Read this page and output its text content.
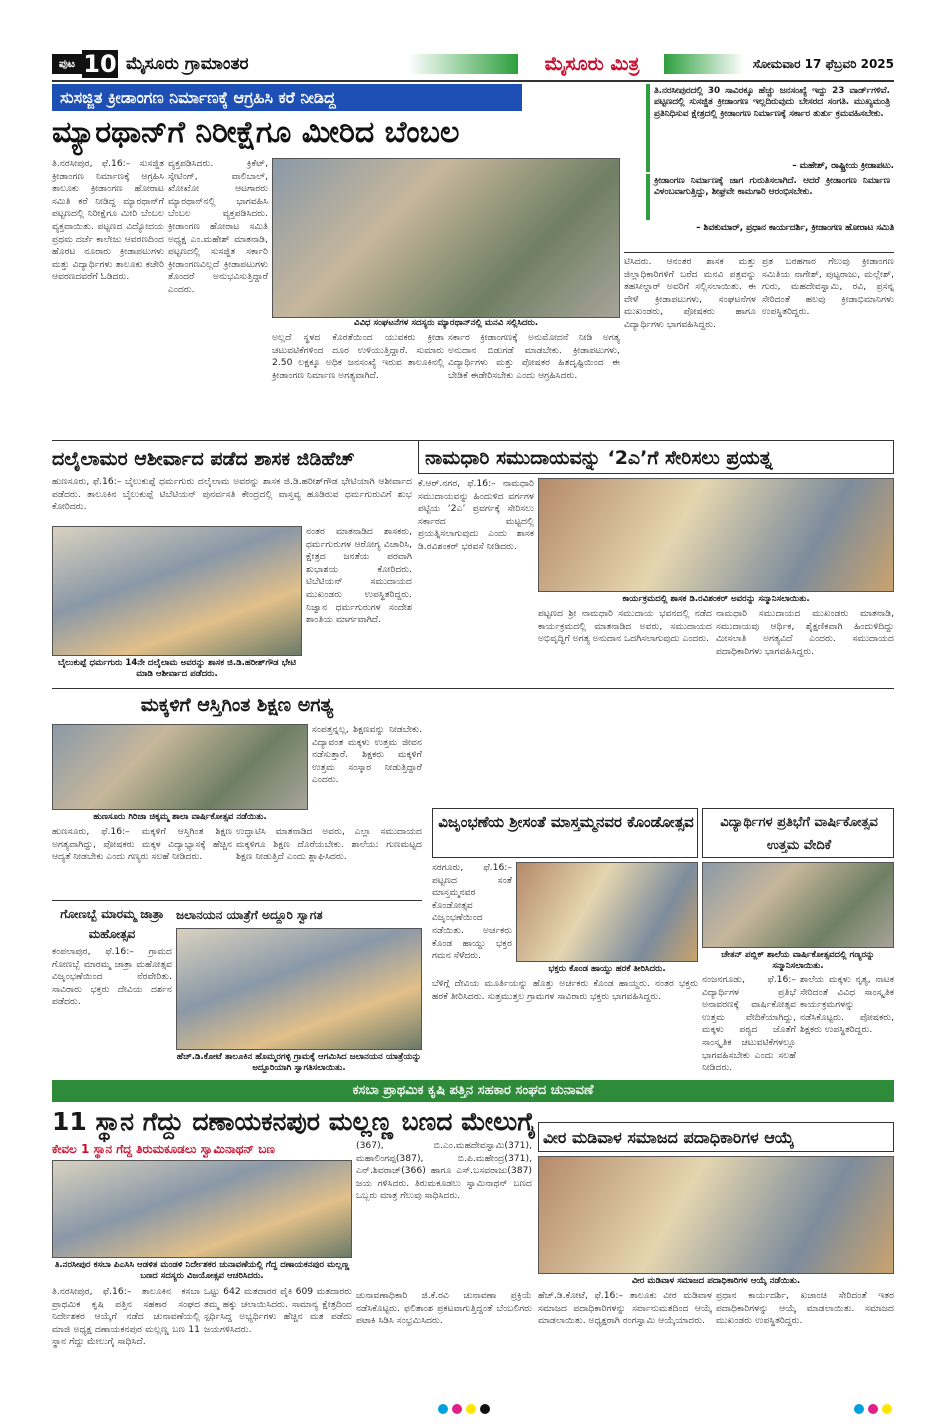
ಪುಟ 10 ಮೈಸೂರು ಗ್ರಾಮಾಂತರ	ಮೈಸೂರು ಮಿತ್ರ	ಸೋಮವಾರ 17 ಫೆಬ್ರವರಿ 2025
ಸುಸಜ್ಜಿತ ಕ್ರೀಡಾಂಗಣ ನಿರ್ಮಾಣಕ್ಕೆ ಆಗ್ರಹಿಸಿ ಕರೆ ನೀಡಿದ್ದ
ಮ್ಯಾರಥಾನ್‌ಗೆ ನಿರೀಕ್ಷೆಗೂ ಮೀರಿದ ಬೆಂಬಲ
ತಿ.ನರಸೀಪುರ, ಫೆ.16:– ಸುಸಜ್ಜಿತ ಕ್ರೀಡಾಂಗಣ ನಿರ್ಮಾಣಕ್ಕೆ ಆಗ್ರಹಿಸಿ ತಾಲೂಕು ಕ್ರೀಡಾಂಗಣ ಹೋರಾಟ ಸಮಿತಿ ಕರೆ ನೀಡಿದ್ದ ಮ್ಯಾರಥಾನ್‌ಗೆ ಪಟ್ಟಣದಲ್ಲಿ ನಿರೀಕ್ಷೆಗೂ ಮೀರಿ ಬೆಂಬಲ ವ್ಯಕ್ತವಾಯಿತು. ಪಟ್ಟಣದ ವಿದ್ಯೋದಯ ಪ್ರಥಮ ದರ್ಜೆ ಕಾಲೇಜು ಆವರಣದಿಂದ ಹೊರಟ ನೂರಾರು ಕ್ರೀಡಾಪಟುಗಳು ಮತ್ತು ವಿದ್ಯಾರ್ಥಿಗಳು ತಾಲೂಕು ಕಚೇರಿ ಆವರಣದವರೆಗೆ ಓಡಿದರು.
ವ್ಯಕ್ತಪಡಿಸಿದರು. ಕ್ರಿಕೆಟ್, ಸ್ಕೇಟಿಂಗ್, ವಾಲಿಬಾಲ್, ಖೋಖೋ ಆಟಗಾರರು ಮ್ಯಾರಥಾನ್‌ನಲ್ಲಿ ಭಾಗವಹಿಸಿ ಬೆಂಬಲ ವ್ಯಕ್ತಪಡಿಸಿದರು. ಕ್ರೀಡಾಂಗಣ ಹೋರಾಟ ಸಮಿತಿ ಅಧ್ಯಕ್ಷ ಎಂ.ಮಹೇಶ್ ಮಾತನಾಡಿ, ಪಟ್ಟಣದಲ್ಲಿ ಸುಸಜ್ಜಿತ ಸರ್ಕಾರಿ ಕ್ರೀಡಾಂಗಣವಿಲ್ಲದೆ ಕ್ರೀಡಾಪಟುಗಳು ತೊಂದರೆ ಅನುಭವಿಸುತ್ತಿದ್ದಾರೆ ಎಂದರು.
ವಿವಿಧ ಸಂಘಟನೆಗಳ ಸದಸ್ಯರು ಮ್ಯಾರಥಾನ್‌ನಲ್ಲಿ ಮನವಿ ಸಲ್ಲಿಸಿದರು.
ಅಲ್ಲದೆ ಸ್ಥಳದ ಕೊರತೆಯಿಂದ ಯುವಕರು ಕ್ರೀಡಾ ಚಟುವಟಿಕೆಗಳಿಂದ ದೂರ ಉಳಿಯುತ್ತಿದ್ದಾರೆ. ಸುಮಾರು 2.50 ಲಕ್ಷಕ್ಕೂ ಅಧಿಕ ಜನಸಂಖ್ಯೆ ಇರುವ ತಾಲೂಕಿನಲ್ಲಿ ಕ್ರೀಡಾಂಗಣ ನಿರ್ಮಾಣ ಅಗತ್ಯವಾಗಿದೆ.
ಸರ್ಕಾರ ಕ್ರೀಡಾಂಗಣಕ್ಕೆ ಅನುಮೋದನೆ ನೀಡಿ ಅಗತ್ಯ ಅನುದಾನ ಬಿಡುಗಡೆ ಮಾಡಬೇಕು. ಕ್ರೀಡಾಪಟುಗಳು, ವಿದ್ಯಾರ್ಥಿಗಳು ಮತ್ತು ಪೋಷಕರ ಹಿತದೃಷ್ಟಿಯಿಂದ ಈ ಬೇಡಿಕೆ ಈಡೇರಿಸಬೇಕು ಎಂದು ಆಗ್ರಹಿಸಿದರು.
ತಿ.ನರಸೀಪುರದಲ್ಲಿ 30 ಸಾವಿರಕ್ಕೂ ಹೆಚ್ಚು ಜನಸಂಖ್ಯೆ ಇದ್ದು 23 ವಾರ್ಡ್‌ಗಳಿವೆ. ಪಟ್ಟಣದಲ್ಲಿ ಸುಸಜ್ಜಿತ ಕ್ರೀಡಾಂಗಣ ಇಲ್ಲದಿರುವುದು ಬೇಸರದ ಸಂಗತಿ. ಮುಖ್ಯಮಂತ್ರಿ ಪ್ರತಿನಿಧಿಸುವ ಕ್ಷೇತ್ರದಲ್ಲಿ ಕ್ರೀಡಾಂಗಣ ನಿರ್ಮಾಣಕ್ಕೆ ಸರ್ಕಾರ ತುರ್ತು ಕ್ರಮವಹಿಸಬೇಕು.
– ಮಹೇಶ್, ರಾಷ್ಟ್ರೀಯ ಕ್ರೀಡಾಪಟು.
ಕ್ರೀಡಾಂಗಣ ನಿರ್ಮಾಣಕ್ಕೆ ಜಾಗ ಗುರುತಿಸಲಾಗಿದೆ. ಆದರೆ ಕ್ರೀಡಾಂಗಣ ನಿರ್ಮಾಣ ವಿಳಂಬವಾಗುತ್ತಿದ್ದು, ಶೀಘ್ರವೇ ಕಾಮಗಾರಿ ಆರಂಭಿಸಬೇಕು.
– ಶಿವಕುಮಾರ್, ಪ್ರಧಾನ ಕಾರ್ಯದರ್ಶಿ, ಕ್ರೀಡಾಂಗಣ ಹೋರಾಟ ಸಮಿತಿ
ಟಿಸಿದರು. ಆನಂತರ ಶಾಸಕ ಮತ್ತು ಜಿಲ್ಲಾಧಿಕಾರಿಗಳಿಗೆ ಬರೆದ ಮನವಿ ಪತ್ರವನ್ನು ತಹಸೀಲ್ದಾರ್ ಅವರಿಗೆ ಸಲ್ಲಿಸಲಾಯಿತು. ಈ ವೇಳೆ ಕ್ರೀಡಾಪಟುಗಳು, ಸಂಘಟನೆಗಳ ಮುಖಂಡರು, ಪೋಷಕರು ಹಾಗೂ ವಿದ್ಯಾರ್ಥಿಗಳು ಭಾಗವಹಿಸಿದ್ದರು.
ಪ್ರತ ಬರಹಗಾರ ಗೆಲುವು ಕ್ರೀಡಾಂಗಣ ಸಮಿತಿಯ ನಾಗೇಶ್, ಪುಟ್ಟರಾಜು, ಮಲ್ಲೇಶ್, ಗುರು, ಮಹದೇವಸ್ವಾಮಿ, ರವಿ, ಪ್ರಸನ್ನ ಸೇರಿದಂತೆ ಹಲವು ಕ್ರೀಡಾಭಿಮಾನಿಗಳು ಉಪಸ್ಥಿತರಿದ್ದರು.
ದಲೈಲಾಮರ ಆಶೀರ್ವಾದ ಪಡೆದ ಶಾಸಕ ಜಿಡಿಹೆಚ್
ಹುಣಸೂರು, ಫೆ.16:– ಬೈಲುಕುಪ್ಪೆ ಧರ್ಮಗುರು ದಲೈಲಾಮ ಅವರನ್ನು ಶಾಸಕ ಜಿ.ಡಿ.ಹರೀಶ್‌ಗೌಡ ಭೇಟಿಯಾಗಿ ಆಶೀರ್ವಾದ ಪಡೆದರು. ತಾಲೂಕಿನ ಬೈಲುಕುಪ್ಪೆ ಟಿಬೆಟಿಯನ್ ಪುನರ್ವಸತಿ ಕೇಂದ್ರದಲ್ಲಿ ವಾಸ್ತವ್ಯ ಹೂಡಿರುವ ಧರ್ಮಗುರುವಿಗೆ ಶುಭ ಕೋರಿದರು.
ಬೈಲುಕುಪ್ಪೆ ಧರ್ಮಗುರು 14ನೇ ದಲೈಲಾಮ ಅವರನ್ನು ಶಾಸಕ ಜಿ.ಡಿ.ಹರೀಶ್‌ಗೌಡ ಭೇಟಿ ಮಾಡಿ ಆಶೀರ್ವಾದ ಪಡೆದರು.
ನಂತರ ಮಾತನಾಡಿದ ಶಾಸಕರು, ಧರ್ಮಗುರುಗಳ ಆರೋಗ್ಯ ವಿಚಾರಿಸಿ, ಕ್ಷೇತ್ರದ ಜನತೆಯ ಪರವಾಗಿ ಶುಭಾಶಯ ಕೋರಿದರು. ಟಿಬೆಟಿಯನ್ ಸಮುದಾಯದ ಮುಖಂಡರು ಉಪಸ್ಥಿತರಿದ್ದರು. ನಿಜ್ವಾನ ಧರ್ಮಗುರುಗಳ ಸಂದೇಶ ಶಾಂತಿಯ ಮಾರ್ಗವಾಗಿದೆ.
ನಾಮಧಾರಿ ಸಮುದಾಯವನ್ನು ‘2ಎ’ಗೆ ಸೇರಿಸಲು ಪ್ರಯತ್ನ
ಕೆ.ಆರ್.ನಗರ, ಫೆ.16:– ನಾಮಧಾರಿ ಸಮುದಾಯವನ್ನು ಹಿಂದುಳಿದ ವರ್ಗಗಳ ಪಟ್ಟಿಯ ‘2ಎ’ ಪ್ರವರ್ಗಕ್ಕೆ ಸೇರಿಸಲು ಸರ್ಕಾರದ ಮಟ್ಟದಲ್ಲಿ ಪ್ರಯತ್ನಿಸಲಾಗುವುದು ಎಂದು ಶಾಸಕ ಡಿ.ರವಿಶಂಕರ್ ಭರವಸೆ ನೀಡಿದರು.
ಕಾರ್ಯಕ್ರಮದಲ್ಲಿ ಶಾಸಕ ಡಿ.ರವಿಶಂಕರ್ ಅವರನ್ನು ಸನ್ಮಾನಿಸಲಾಯಿತು.
ಪಟ್ಟಣದ ಶ್ರೀ ನಾಮಧಾರಿ ಸಮುದಾಯ ಭವನದಲ್ಲಿ ನಡೆದ ಕಾರ್ಯಕ್ರಮದಲ್ಲಿ ಮಾತನಾಡಿದ ಅವರು, ಸಮುದಾಯದ ಅಭಿವೃದ್ಧಿಗೆ ಅಗತ್ಯ ಅನುದಾನ ಒದಗಿಸಲಾಗುವುದು ಎಂದರು.
ನಾಮಧಾರಿ ಸಮುದಾಯದ ಮುಖಂಡರು ಮಾತನಾಡಿ, ಸಮುದಾಯವು ಆರ್ಥಿಕ, ಶೈಕ್ಷಣಿಕವಾಗಿ ಹಿಂದುಳಿದಿದ್ದು ಮೀಸಲಾತಿ ಅಗತ್ಯವಿದೆ ಎಂದರು. ಸಮುದಾಯದ ಪದಾಧಿಕಾರಿಗಳು ಭಾಗವಹಿಸಿದ್ದರು.
ಮಕ್ಕಳಿಗೆ ಆಸ್ತಿಗಿಂತ ಶಿಕ್ಷಣ ಅಗತ್ಯ
ಹುಣಸೂರು ಗಿರಿಜಾ ಚಿಕ್ಕಮ್ಮ ಶಾಲಾ ವಾರ್ಷಿಕೋತ್ಸವ ನಡೆಯಿತು.
ಸಂಪತ್ತನ್ನಲ್ಲ, ಶಿಕ್ಷಣವನ್ನು ನೀಡಬೇಕು. ವಿದ್ಯಾವಂತ ಮಕ್ಕಳು ಉತ್ತಮ ಜೀವನ ನಡೆಸುತ್ತಾರೆ. ಶಿಕ್ಷಕರು ಮಕ್ಕಳಿಗೆ ಉತ್ತಮ ಸಂಸ್ಕಾರ ನೀಡುತ್ತಿದ್ದಾರೆ ಎಂದರು.
ಹುಣಸೂರು, ಫೆ.16:– ಮಕ್ಕಳಿಗೆ ಆಸ್ತಿಗಿಂತ ಶಿಕ್ಷಣ ಅಗತ್ಯವಾಗಿದ್ದು, ಪೋಷಕರು ಮಕ್ಕಳ ವಿದ್ಯಾಭ್ಯಾಸಕ್ಕೆ ಹೆಚ್ಚಿನ ಆದ್ಯತೆ ನೀಡಬೇಕು ಎಂದು ಗಣ್ಯರು ಸಲಹೆ ನೀಡಿದರು.
ಉದ್ಘಾಟಿಸಿ ಮಾತನಾಡಿದ ಅವರು, ಎಲ್ಲಾ ಸಮುದಾಯದ ಮಕ್ಕಳಿಗೂ ಶಿಕ್ಷಣ ದೊರೆಯಬೇಕು. ಶಾಲೆಯು ಗುಣಮಟ್ಟದ ಶಿಕ್ಷಣ ನೀಡುತ್ತಿದೆ ಎಂದು ಶ್ಲಾಘಿಸಿದರು.
ಗೋಣಬ್ಬೆ ಮಾರಮ್ಮ ಜಾತ್ರಾ ಮಹೋತ್ಸವ
ಕಂಪಲಾಪುರ, ಫೆ.16:– ಗ್ರಾಮದ ಗೋಣಬ್ಬೆ ಮಾರಮ್ಮ ಜಾತ್ರಾ ಮಹೋತ್ಸವ ವಿಜೃಂಭಣೆಯಿಂದ ನೆರವೇರಿತು. ಸಾವಿರಾರು ಭಕ್ತರು ದೇವಿಯ ದರ್ಶನ ಪಡೆದರು.
ಜಲಾನಯನ ಯಾತ್ರೆಗೆ ಅದ್ದೂರಿ ಸ್ವಾಗತ
ಹೆಚ್.ಡಿ.ಕೋಟೆ ತಾಲೂಕಿನ ಹೊಮ್ಮರಗಳ್ಳಿ ಗ್ರಾಮಕ್ಕೆ ಆಗಮಿಸಿದ ಜಲಾನಯನ ಯಾತ್ರೆಯನ್ನು ಅದ್ದೂರಿಯಾಗಿ ಸ್ವಾಗತಿಸಲಾಯಿತು.
ವಿಜೃಂಭಣೆಯ ಶ್ರೀಸಂತೆ ಮಾಸ್ತಮ್ಮನವರ ಕೊಂಡೋತ್ಸವ
ಸರಗೂರು, ಫೆ.16:– ಪಟ್ಟಣದ ಸಂತೆ ಮಾಸ್ತಮ್ಮನವರ ಕೊಂಡೋತ್ಸವ ವಿಜೃಂಭಣೆಯಿಂದ ನಡೆಯಿತು. ಅರ್ಚಕರು ಕೊಂಡ ಹಾಯ್ದು ಭಕ್ತರ ಗಮನ ಸೆಳೆದರು.
ಭಕ್ತರು ಕೊಂಡ ಹಾಯ್ದು ಹರಕೆ ತೀರಿಸಿದರು.
ಬೆಳಿಗ್ಗೆ ದೇವಿಯ ಮೂರ್ತಿಯನ್ನು ಹೊತ್ತು ಅರ್ಚಕರು ಕೊಂಡ ಹಾಯ್ದರು. ನಂತರ ಭಕ್ತರು ಹರಕೆ ತೀರಿಸಿದರು. ಸುತ್ತಮುತ್ತಲ ಗ್ರಾಮಗಳ ಸಾವಿರಾರು ಭಕ್ತರು ಭಾಗವಹಿಸಿದ್ದರು.
ವಿದ್ಯಾರ್ಥಿಗಳ ಪ್ರತಿಭೆಗೆ ವಾರ್ಷಿಕೋತ್ಸವ ಉತ್ತಮ ವೇದಿಕೆ
ಚೇತನ್ ಪಬ್ಲಿಕ್ ಶಾಲೆಯ ವಾರ್ಷಿಕೋತ್ಸವದಲ್ಲಿ ಗಣ್ಯರನ್ನು ಸನ್ಮಾನಿಸಲಾಯಿತು.
ನಂಜನಗೂಡು, ಫೆ.16:– ವಿದ್ಯಾರ್ಥಿಗಳ ಪ್ರತಿಭೆ ಅನಾವರಣಕ್ಕೆ ವಾರ್ಷಿಕೋತ್ಸವ ಉತ್ತಮ ವೇದಿಕೆಯಾಗಿದ್ದು, ಮಕ್ಕಳು ಪಠ್ಯದ ಜೊತೆಗೆ ಸಾಂಸ್ಕೃತಿಕ ಚಟುವಟಿಕೆಗಳಲ್ಲೂ ಭಾಗವಹಿಸಬೇಕು ಎಂದು ಸಲಹೆ ನೀಡಿದರು.
ಶಾಲೆಯ ಮಕ್ಕಳು ನೃತ್ಯ, ನಾಟಕ ಸೇರಿದಂತೆ ವಿವಿಧ ಸಾಂಸ್ಕೃತಿಕ ಕಾರ್ಯಕ್ರಮಗಳನ್ನು ನಡೆಸಿಕೊಟ್ಟರು. ಪೋಷಕರು, ಶಿಕ್ಷಕರು ಉಪಸ್ಥಿತರಿದ್ದರು.
ಕಸಬಾ ಪ್ರಾಥಮಿಕ ಕೃಷಿ ಪತ್ತಿನ ಸಹಕಾರ ಸಂಘದ ಚುನಾವಣೆ
11 ಸ್ಥಾನ ಗೆದ್ದು ದಣಾಯಕನಪುರ ಮಲ್ಲಣ್ಣ ಬಣದ ಮೇಲುಗೈ
ಕೇವಲ 1 ಸ್ಥಾನ ಗೆದ್ದ ತಿರುಮಕೂಡಲು ಸ್ವಾಮಿನಾಥನ್ ಬಣ
ತಿ.ನರಸೀಪುರ ಕಸಬಾ ಪಿಎಸಿಸಿ ಆಡಳಿತ ಮಂಡಳಿ ನಿರ್ದೇಶಕರ ಚುನಾವಣೆಯಲ್ಲಿ ಗೆದ್ದ ದಣಾಯಕನಪುರ ಮಲ್ಲಣ್ಣ ಬಣದ ಸದಸ್ಯರು ವಿಜಯೋತ್ಸವ ಆಚರಿಸಿದರು.
ತಿ.ನರಸೀಪುರ, ಫೆ.16:– ತಾಲೂಕಿನ ಕಸಬಾ ಪ್ರಾಥಮಿಕ ಕೃಷಿ ಪತ್ತಿನ ಸಹಕಾರ ಸಂಘದ ನಿರ್ದೇಶಕರ ಆಯ್ಕೆಗೆ ನಡೆದ ಚುನಾವಣೆಯಲ್ಲಿ ಮಾಜಿ ಅಧ್ಯಕ್ಷ ದಣಾಯಕನಪುರ ಮಲ್ಲಣ್ಣ ಬಣ 11 ಸ್ಥಾನ ಗೆದ್ದು ಮೇಲುಗೈ ಸಾಧಿಸಿದೆ.
ಒಟ್ಟು 642 ಮತದಾರರ ಪೈಕಿ 609 ಮತದಾರರು ತಮ್ಮ ಹಕ್ಕು ಚಲಾಯಿಸಿದರು. ಸಾಮಾನ್ಯ ಕ್ಷೇತ್ರದಿಂದ ಸ್ಪರ್ಧಿಸಿದ್ದ ಅಭ್ಯರ್ಥಿಗಳು ಹೆಚ್ಚಿನ ಮತ ಪಡೆದು ಜಯಗಳಿಸಿದರು.
(367), ಬಿ.ಎಂ.ಮಹದೇವಸ್ವಾಮಿ(371), ಮಹಾಲಿಂಗಪ್ಪ(387), ಬಿ.ಪಿ.ಮಹೇಂದ್ರ(371), ಎನ್.ಶಿವರಾಜ್(366) ಹಾಗೂ ಎಸ್.ಬಸವರಾಜು(387) ಜಯ ಗಳಿಸಿದರು. ತಿರುಮಕೂಡಲು ಸ್ವಾಮಿನಾಥನ್ ಬಣದ ಒಬ್ಬರು ಮಾತ್ರ ಗೆಲುವು ಸಾಧಿಸಿದರು.
ಚುನಾವಣಾಧಿಕಾರಿ ಜಿ.ಕೆ.ರವಿ ಚುನಾವಣಾ ಪ್ರಕ್ರಿಯೆ ನಡೆಸಿಕೊಟ್ಟರು. ಫಲಿತಾಂಶ ಪ್ರಕಟವಾಗುತ್ತಿದ್ದಂತೆ ಬೆಂಬಲಿಗರು ಪಟಾಕಿ ಸಿಡಿಸಿ ಸಂಭ್ರಮಿಸಿದರು.
ವೀರ ಮಡಿವಾಳ ಸಮಾಜದ ಪದಾಧಿಕಾರಿಗಳ ಆಯ್ಕೆ
ವೀರ ಮಡಿವಾಳ ಸಮಾಜದ ಪದಾಧಿಕಾರಿಗಳ ಆಯ್ಕೆ ನಡೆಯಿತು.
ಹೆಚ್.ಡಿ.ಕೋಟೆ, ಫೆ.16:– ತಾಲೂಕು ವೀರ ಮಡಿವಾಳ ಸಮಾಜದ ಪದಾಧಿಕಾರಿಗಳನ್ನು ಸರ್ವಾನುಮತದಿಂದ ಆಯ್ಕೆ ಮಾಡಲಾಯಿತು. ಅಧ್ಯಕ್ಷರಾಗಿ ರಂಗಸ್ವಾಮಿ ಆಯ್ಕೆಯಾದರು.
ಪ್ರಧಾನ ಕಾರ್ಯದರ್ಶಿ, ಖಜಾಂಚಿ ಸೇರಿದಂತೆ ಇತರ ಪದಾಧಿಕಾರಿಗಳನ್ನು ಆಯ್ಕೆ ಮಾಡಲಾಯಿತು. ಸಮಾಜದ ಮುಖಂಡರು ಉಪಸ್ಥಿತರಿದ್ದರು.
